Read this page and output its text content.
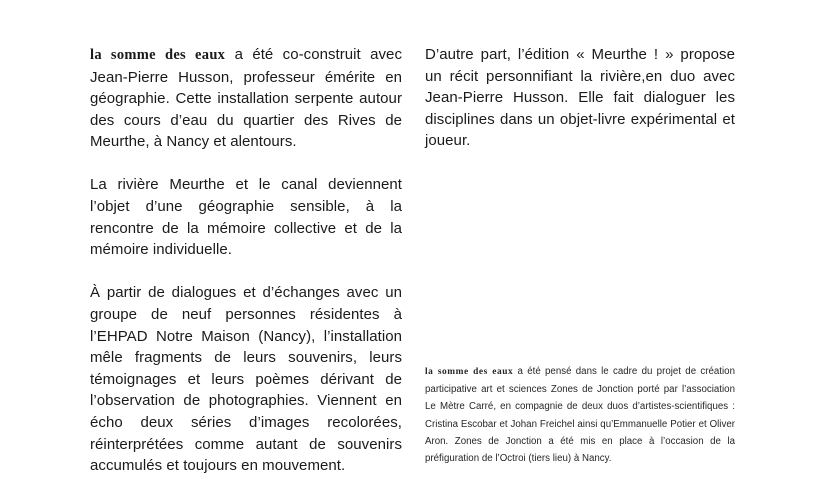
la somme des eaux a été co-construit avec Jean-Pierre Husson, professeur émérite en géographie. Cette installation serpente autour des cours d’eau du quartier des Rives de Meurthe, à Nancy et alentours.

La rivière Meurthe et le canal deviennent l’objet d’une géographie sensible, à la rencontre de la mémoire collective et de la mémoire individuelle.

À partir de dialogues et d’échanges avec un groupe de neuf personnes résidentes à l’EHPAD Notre Maison (Nancy), l’installation mêle fragments de leurs souvenirs, leurs témoignages et leurs poèmes dérivant de l’observation de photographies. Viennent en écho deux séries d’images recolorées, réinterprétées comme autant de souvenirs accumulés et toujours en mouvement.

D’autre part, l’édition « Meurthe ! » propose un récit personnifiant la rivière,en duo avec Jean-Pierre Husson. Elle fait dialoguer les disciplines dans un objet-livre expérimental et joueur.

la somme des eaux a été pensé dans le cadre du projet de création participative art et sciences Zones de Jonction porté par l’association Le Mètre Carré, en compagnie de deux duos d’artistes-scientifiques : Cristina Escobar et Johan Freichel ainsi qu’Emmanuelle Potier et Oliver Aron. Zones de Jonction a été mis en place à l’occasion de la préfiguration de l’Octroi (tiers lieu) à Nancy.
